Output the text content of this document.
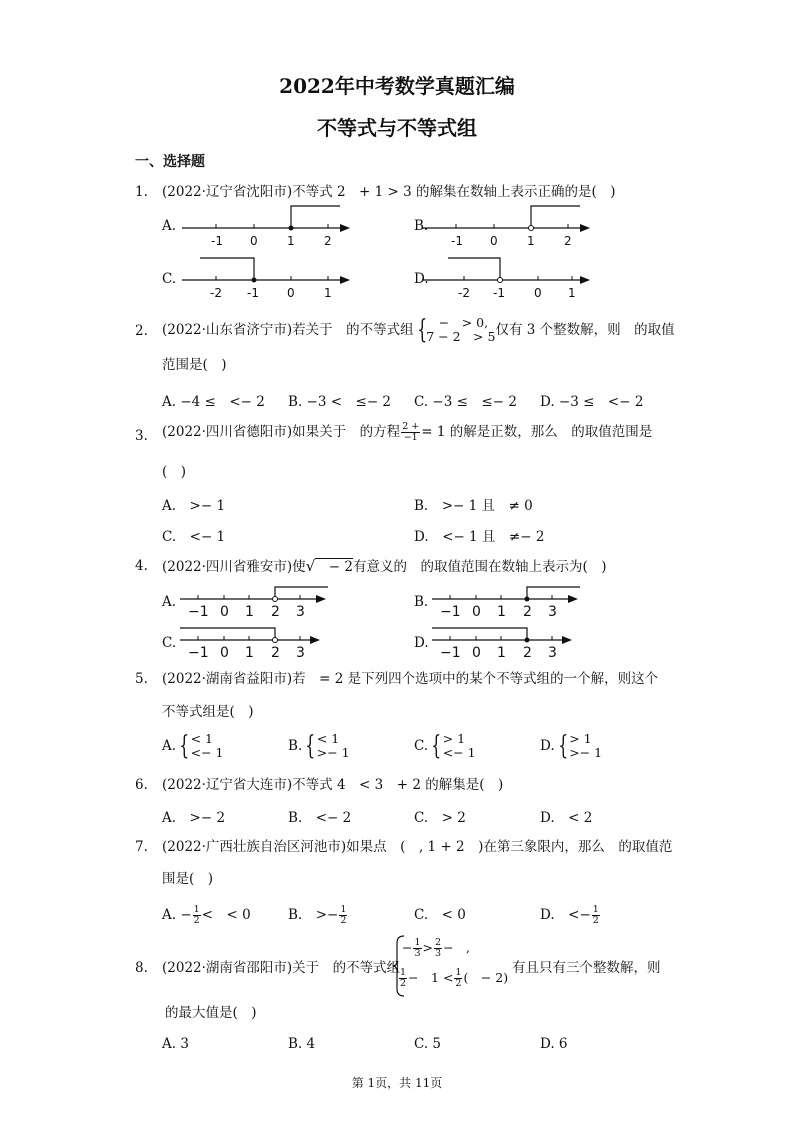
2022年中考数学真题汇编
不等式与不等式组
一、选择题
1. (2022·辽宁省沈阳市)不等式 2　+ 1 > 3 的解集在数轴上表示正确的是(　)
A.
-1 0 1 2
B.
-1 0 1 2
C.
-2 -1 0 1
D.
-2 -1 0 1
2. (2022·山东省济宁市)若关于　的不等式组 {　−　> 0,
7 − 2　> 5仅有 3 个整数解，则　的取值
范围是(　)
A. −4 ≤　<− 2 B. −3 <　≤− 2 C. −3 ≤　≤− 2 D. −3 ≤　<− 2
3. (2022·四川省德阳市)如果关于　的方程 $\frac{2 +}{-1} = 1$ 的解是正数，那么　的取值范围是
(　)
A.　>− 1	B.　>− 1 且　≠ 0
C.　<− 1	D.　<− 1 且　≠− 2
4. (2022·四川省雅安市)使√　− 2有意义的　的取值范围在数轴上表示为(　)
A.
−1 0 1 2 3
B.
−1 0 1 2 3
C.
−1 0 1 2 3
D.
−1 0 1 2 3
5. (2022·湖南省益阳市)若　= 2 是下列四个选项中的某个不等式组的一个解，则这个
不等式组是(　)
A. {< 1
<− 1	B. {< 1
>− 1	C. {> 1
<− 1	D. {> 1
>− 1
6. (2022·辽宁省大连市)不等式 4　< 3　+ 2 的解集是(　)
A.　>− 2	B.　<− 2	C.　> 2	D.　< 2
7. (2022·广西壮族自治区河池市)如果点　(　, 1 + 2　)在第三象限内，那么　的取值范
围是(　)
A. − $\frac{1}{2}$ <　< 0	B.　>− $\frac{1}{2}$	C.　< 0	D.　<− $\frac{1}{2}$
8. (2022·湖南省邵阳市)关于　的不等式组
− $\frac{1}{3} > \frac{2}{3}$ −　,
$\frac{1}{2}$ −　$1 < \frac{1}{2}$ (　− 2)
有且只有三个整数解，则
的最大值是(　)
A. 3	B. 4	C. 5	D. 6
第 1页，共 11页
